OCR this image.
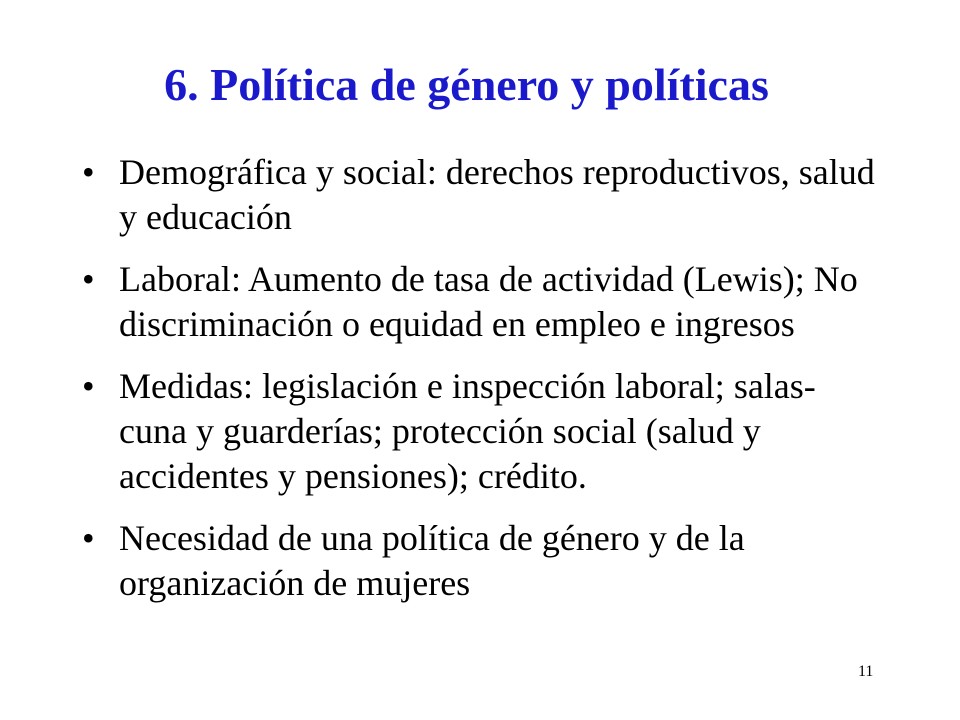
6. Política de género y políticas
• Demográfica y social: derechos reproductivos, salud y educación
• Laboral: Aumento de tasa de actividad (Lewis); No discriminación o equidad en empleo e ingresos
• Medidas: legislación e inspección laboral; salas-cuna y guarderías; protección social (salud y accidentes y pensiones); crédito.
• Necesidad de una política de género y de la organización de mujeres
11
